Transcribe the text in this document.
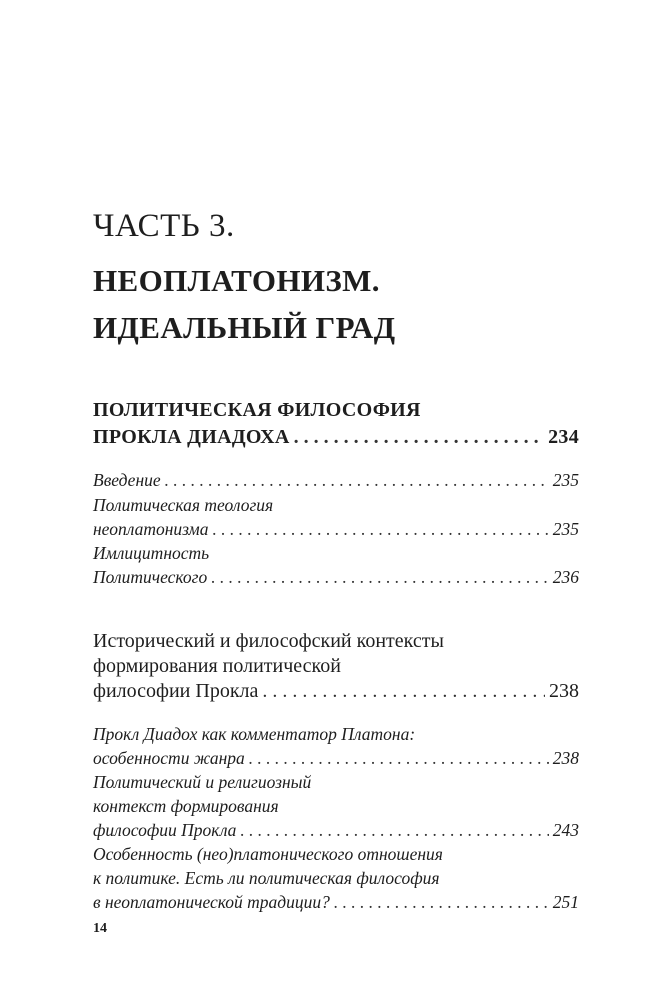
ЧАСТЬ 3.
НЕОПЛАТОНИЗМ.
ИДЕАЛЬНЫЙ ГРАД
ПОЛИТИЧЕСКАЯ ФИЛОСОФИЯ
ПРОКЛА ДИАДОХА . . .	234
Введение . . .	235
Политическая теология
неоплатонизма . . .	235
Имлицитность
Политического . . .	236
Исторический и философский контексты
формирования политической
философии Прокла . . .	238
Прокл Диадох как комментатор Платона:
особенности жанра . . .	238
Политический и религиозный
контекст формирования
философии Прокла . . .	243
Особенность (нео)платонического отношения
к политике. Есть ли политическая философия
в неоплатонической традиции? . . .	251
14
